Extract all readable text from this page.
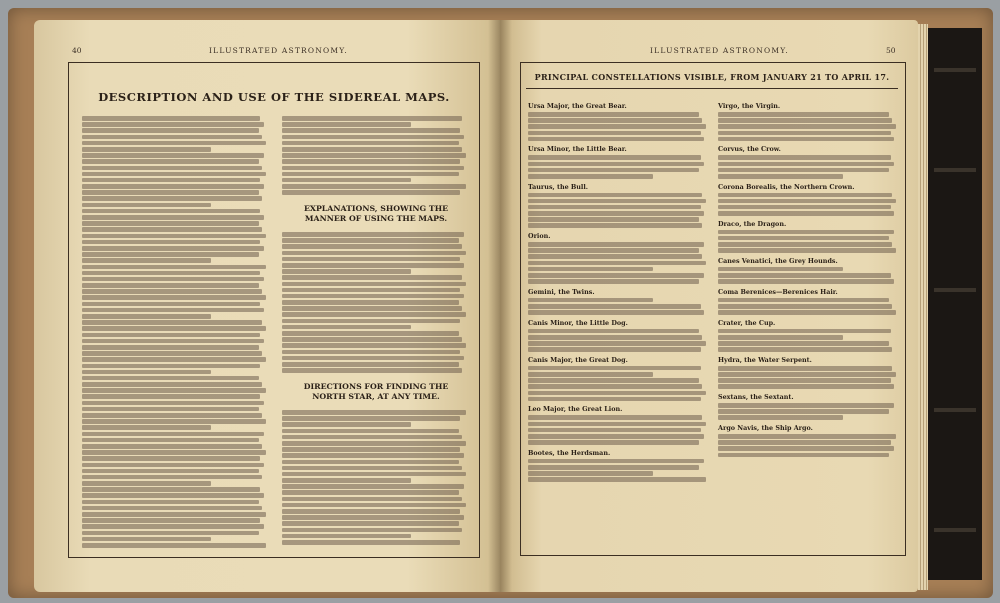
40	ILLUSTRATED ASTRONOMY.
DESCRIPTION AND USE OF THE SIDEREAL MAPS.
EXPLANATIONS, SHOWING THE MANNER OF USING THE MAPS.
DIRECTIONS FOR FINDING THE NORTH STAR, AT ANY TIME.
ILLUSTRATED ASTRONOMY.	50
PRINCIPAL CONSTELLATIONS VISIBLE, FROM JANUARY 21 TO APRIL 17.
Ursa Major, the Great Bear.
Ursa Minor, the Little Bear.
Taurus, the Bull.
Orion.
Gemini, the Twins.
Canis Minor, the Little Dog.
Canis Major, the Great Dog.
Leo Major, the Great Lion.
Bootes, the Herdsman.
Virgo, the Virgin.
Corvus, the Crow.
Corona Borealis, the Northern Crown.
Draco, the Dragon.
Canes Venatici, the Grey Hounds.
Coma Berenices—Berenices Hair.
Crater, the Cup.
Hydra, the Water Serpent.
Sextans, the Sextant.
Argo Navis, the Ship Argo.
